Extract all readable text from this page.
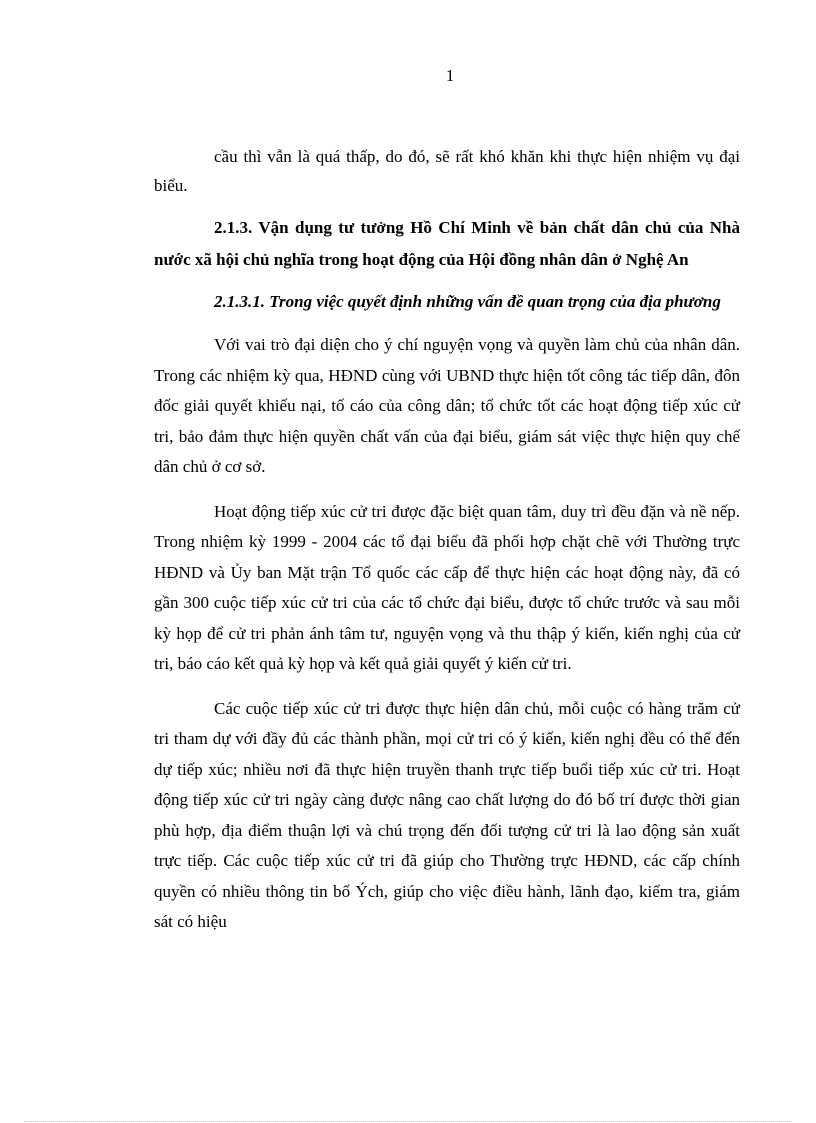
1

cầu thì vẫn là quá thấp, do đó, sẽ rất khó khăn khi thực hiện nhiệm vụ đại biểu.

2.1.3. Vận dụng tư tưởng Hồ Chí Minh về bản chất dân chủ của Nhà nước xã hội chủ nghĩa trong hoạt động của Hội đồng nhân dân ở Nghệ An

2.1.3.1. Trong việc quyết định những vấn đề quan trọng của địa phương

Với vai trò đại diện cho ý chí nguyện vọng và quyền làm chủ của nhân dân. Trong các nhiệm kỳ qua, HĐND cùng với UBND thực hiện tốt công tác tiếp dân, đôn đốc giải quyết khiếu nại, tố cáo của công dân; tổ chức tốt các hoạt động tiếp xúc cử tri, bảo đảm thực hiện quyền chất vấn của đại biểu, giám sát việc thực hiện quy chế dân chủ ở cơ sở.

Hoạt động tiếp xúc cử tri được đặc biệt quan tâm, duy trì đều đặn và nề nếp. Trong nhiệm kỳ 1999 - 2004 các tổ đại biểu đã phối hợp chặt chẽ với Thường trực HĐND và Ủy ban Mặt trận Tổ quốc các cấp để thực hiện các hoạt động này, đã có gần 300 cuộc tiếp xúc cử tri của các tổ chức đại biểu, được tổ chức trước và sau mỗi kỳ họp để cử tri phản ánh tâm tư, nguyện vọng và thu thập ý kiến, kiến nghị của cử tri, báo cáo kết quả kỳ họp và kết quả giải quyết ý kiến cử tri.

Các cuộc tiếp xúc cử tri được thực hiện dân chủ, mỗi cuộc có hàng trăm cử tri tham dự với đầy đủ các thành phần, mọi cử tri có ý kiến, kiến nghị đều có thể đến dự tiếp xúc; nhiều nơi đã thực hiện truyền thanh trực tiếp buổi tiếp xúc cử tri. Hoạt động tiếp xúc cử tri ngày càng được nâng cao chất lượng do đó bố trí được thời gian phù hợp, địa điểm thuận lợi và chú trọng đến đối tượng cử tri là lao động sản xuất trực tiếp. Các cuộc tiếp xúc cử tri đã giúp cho Thường trực HĐND, các cấp chính quyền có nhiều thông tin bổ Ých, giúp cho việc điều hành, lãnh đạo, kiểm tra, giám sát có hiệu
